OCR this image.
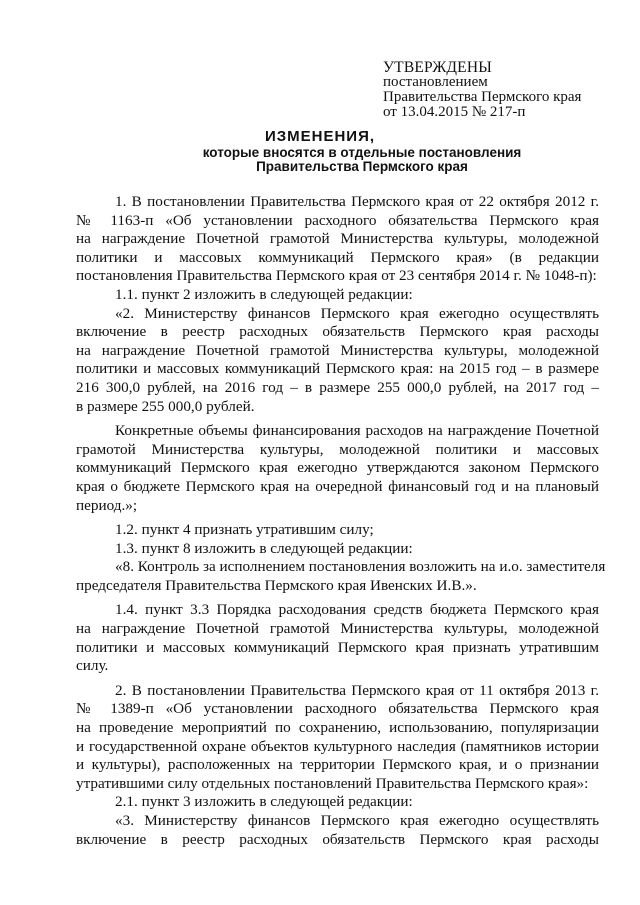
УТВЕРЖДЕНЫ
постановлением
Правительства Пермского края
от 13.04.2015 № 217-п
ИЗМЕНЕНИЯ,
которые вносятся в отдельные постановления
Правительства Пермского края
1. В постановлении Правительства Пермского края от 22 октября 2012 г.
№ 1163-п «Об установлении расходного обязательства Пермского края
на награждение Почетной грамотой Министерства культуры, молодежной
политики и массовых коммуникаций Пермского края» (в редакции
постановления Правительства Пермского края от 23 сентября 2014 г. № 1048-п):
1.1. пункт 2 изложить в следующей редакции:
«2. Министерству финансов Пермского края ежегодно осуществлять
включение в реестр расходных обязательств Пермского края расходы
на награждение Почетной грамотой Министерства культуры, молодежной
политики и массовых коммуникаций Пермского края: на 2015 год – в размере
216 300,0 рублей, на 2016 год – в размере 255 000,0 рублей, на 2017 год –
в размере 255 000,0 рублей.
Конкретные объемы финансирования расходов на награждение Почетной
грамотой Министерства культуры, молодежной политики и массовых
коммуникаций Пермского края ежегодно утверждаются законом Пермского
края о бюджете Пермского края на очередной финансовый год и на плановый
период.»;
1.2. пункт 4 признать утратившим силу;
1.3. пункт 8 изложить в следующей редакции:
«8. Контроль за исполнением постановления возложить на и.о. заместителя
председателя Правительства Пермского края Ивенских И.В.».
1.4. пункт 3.3 Порядка расходования средств бюджета Пермского края
на награждение Почетной грамотой Министерства культуры, молодежной
политики и массовых коммуникаций Пермского края признать утратившим
силу.
2. В постановлении Правительства Пермского края от 11 октября 2013 г.
№ 1389-п «Об установлении расходного обязательства Пермского края
на проведение мероприятий по сохранению, использованию, популяризации
и государственной охране объектов культурного наследия (памятников истории
и культуры), расположенных на территории Пермского края, и о признании
утратившими силу отдельных постановлений Правительства Пермского края»:
2.1. пункт 3 изложить в следующей редакции:
«3. Министерству финансов Пермского края ежегодно осуществлять
включение в реестр расходных обязательств Пермского края расходы
